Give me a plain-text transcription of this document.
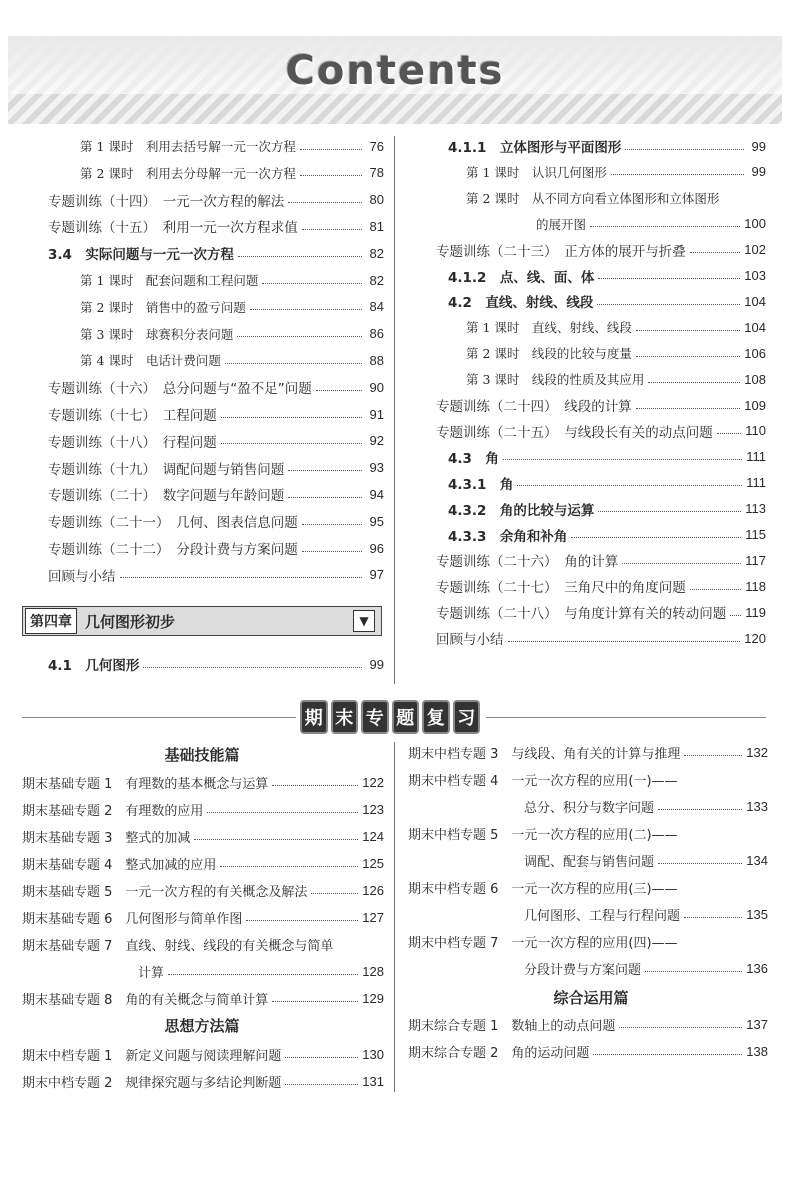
Contents
第 1 课时　利用去括号解一元一次方程	76
第 2 课时　利用去分母解一元一次方程	78
专题训练（十四）　一元一次方程的解法	80
专题训练（十五）　利用一元一次方程求值	81
3.4　实际问题与一元一次方程	82
第 1 课时　配套问题和工程问题	82
第 2 课时　销售中的盈亏问题	84
第 3 课时　球赛积分表问题	86
第 4 课时　电话计费问题	88
专题训练（十六）　总分问题与“盈不足”问题	90
专题训练（十七）　工程问题	91
专题训练（十八）　行程问题	92
专题训练（十九）　调配问题与销售问题	93
专题训练（二十）　数字问题与年龄问题	94
专题训练（二十一）　几何、图表信息问题	95
专题训练（二十二）　分段计费与方案问题	96
回顾与小结	97
第四章 几何图形初步	▼
4.1　几何图形	99
4.1.1　立体图形与平面图形	99
第 1 课时　认识几何图形	99
第 2 课时　从不同方向看立体图形和立体图形
的展开图	100
专题训练（二十三）　正方体的展开与折叠	102
4.1.2　点、线、面、体	103
4.2　直线、射线、线段	104
第 1 课时　直线、射线、线段	104
第 2 课时　线段的比较与度量	106
第 3 课时　线段的性质及其应用	108
专题训练（二十四）　线段的计算	109
专题训练（二十五）　与线段长有关的动点问题	110
4.3　角	111
4.3.1　角	111
4.3.2　角的比较与运算	113
4.3.3　余角和补角	115
专题训练（二十六）　角的计算	117
专题训练（二十七）　三角尺中的角度问题	118
专题训练（二十八）　与角度计算有关的转动问题 119
回顾与小结	120
期 末 专 题 复 习
基础技能篇
思想方法篇
综合运用篇
期末基础专题 1　有理数的基本概念与运算	122
期末基础专题 2　有理数的应用	123
期末基础专题 3　整式的加减	124
期末基础专题 4　整式加减的应用	125
期末基础专题 5　一元一次方程的有关概念及解法	126
期末基础专题 6　几何图形与简单作图	127
期末基础专题 7　直线、射线、线段的有关概念与简单
计算	128
期末基础专题 8　角的有关概念与简单计算	129
期末中档专题 1　新定义问题与阅读理解问题	130
期末中档专题 2　规律探究题与多结论判断题	131
期末中档专题 3　与线段、角有关的计算与推理	132
期末中档专题 4　一元一次方程的应用(一)——
总分、积分与数字问题	133
期末中档专题 5　一元一次方程的应用(二)——
调配、配套与销售问题	134
期末中档专题 6　一元一次方程的应用(三)——
几何图形、工程与行程问题	135
期末中档专题 7　一元一次方程的应用(四)——
分段计费与方案问题	136
期末综合专题 1　数轴上的动点问题	137
期末综合专题 2　角的运动问题	138
